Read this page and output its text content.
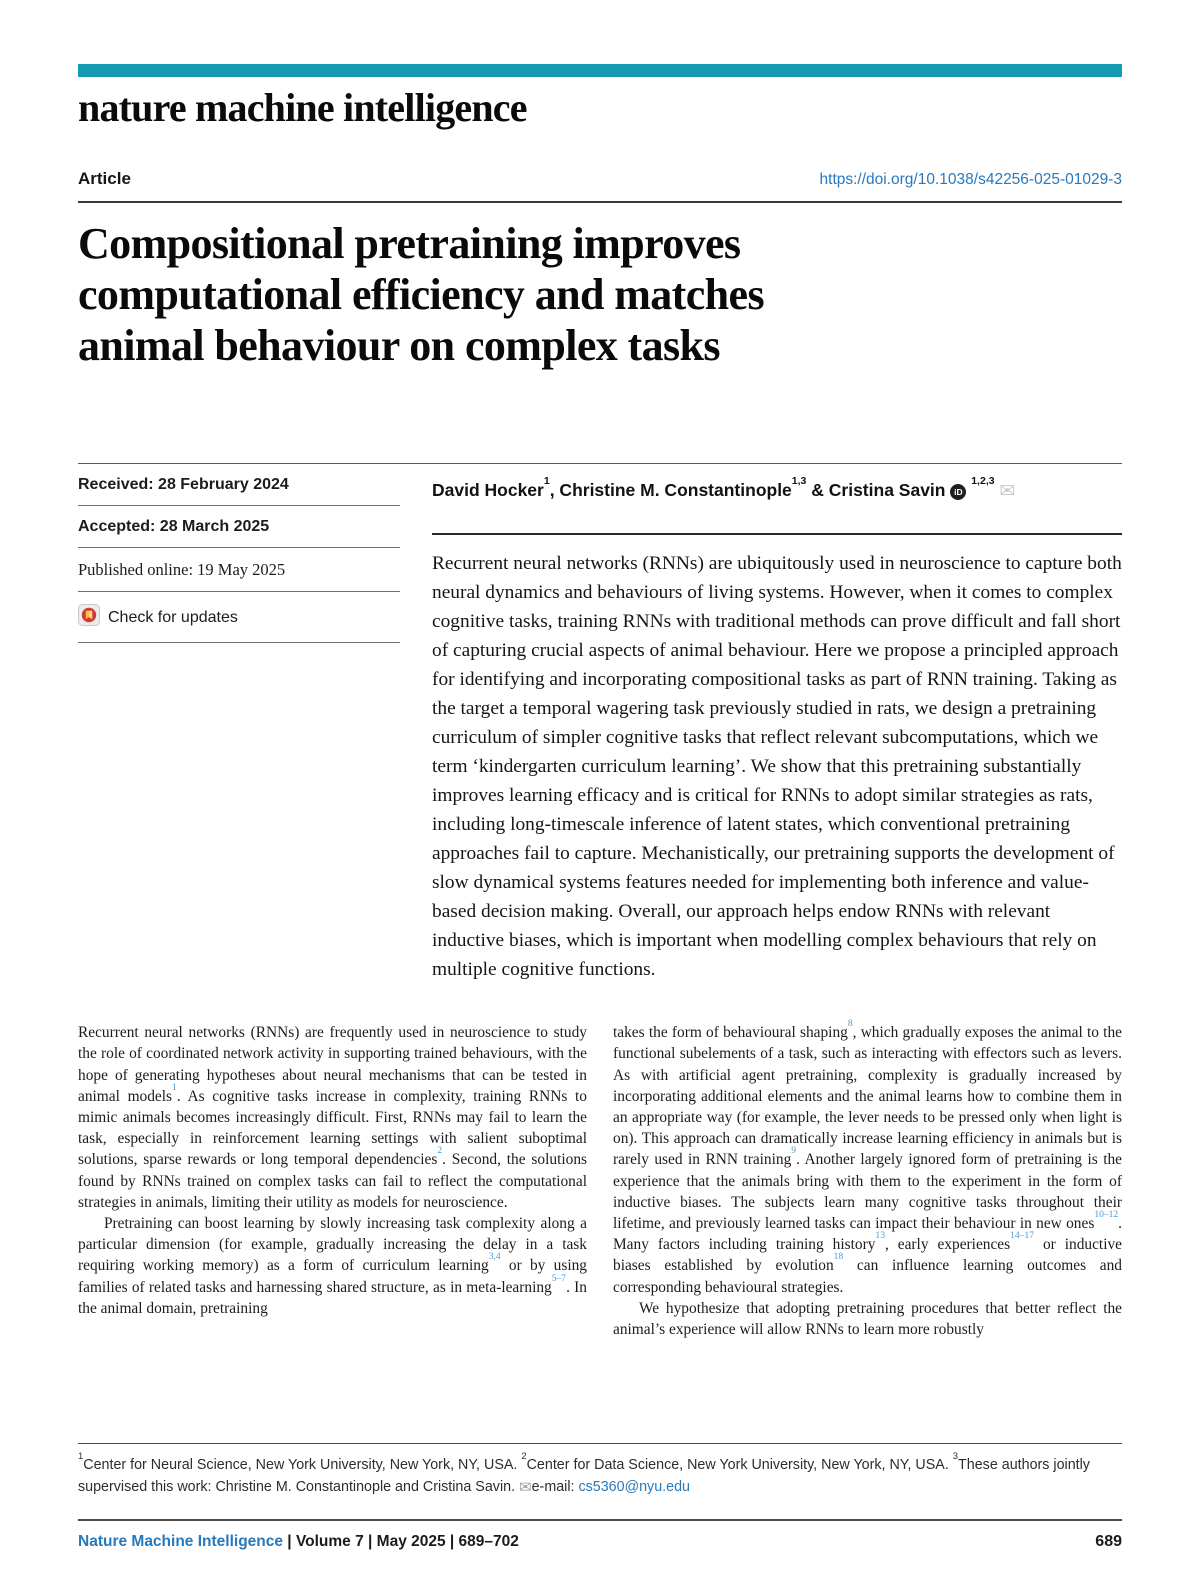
nature machine intelligence
Article	https://doi.org/10.1038/s42256-025-01029-3
Compositional pretraining improves
computational efficiency and matches
animal behaviour on complex tasks
Received: 28 February 2024
Accepted: 28 March 2025
Published online: 19 May 2025
Check for updates
David Hocker$^1$, Christine M. Constantinople$^{1,3}$ & Cristina Savin iD $^{1,2,3}$ ✉
Recurrent neural networks (RNNs) are ubiquitously used in neuroscience to capture both neural dynamics and behaviours of living systems. However, when it comes to complex cognitive tasks, training RNNs with traditional methods can prove difficult and fall short of capturing crucial aspects of animal behaviour. Here we propose a principled approach for identifying and incorporating compositional tasks as part of RNN training. Taking as the target a temporal wagering task previously studied in rats, we design a pretraining curriculum of simpler cognitive tasks that reflect relevant subcomputations, which we term ‘kindergarten curriculum learning’. We show that this pretraining substantially improves learning efficacy and is critical for RNNs to adopt similar strategies as rats, including long-timescale inference of latent states, which conventional pretraining approaches fail to capture. Mechanistically, our pretraining supports the development of slow dynamical systems features needed for implementing both inference and value-based decision making. Overall, our approach helps endow RNNs with relevant inductive biases, which is important when modelling complex behaviours that rely on multiple cognitive functions.

Recurrent neural networks (RNNs) are frequently used in neuroscience to study the role of coordinated network activity in supporting trained behaviours, with the hope of generating hypotheses about neural mechanisms that can be tested in animal models$^1$. As cognitive tasks increase in complexity, training RNNs to mimic animals becomes increasingly difficult. First, RNNs may fail to learn the task, especially in reinforcement learning settings with salient suboptimal solutions, sparse rewards or long temporal dependencies$^2$. Second, the solutions found by RNNs trained on complex tasks can fail to reflect the computational strategies in animals, limiting their utility as models for neuroscience.

Pretraining can boost learning by slowly increasing task complexity along a particular dimension (for example, gradually increasing the delay in a task requiring working memory) as a form of curriculum learning$^{3,4}$ or by using families of related tasks and harnessing shared structure, as in meta-learning$^{5-7}$. In the animal domain, pretraining

takes the form of behavioural shaping$^8$, which gradually exposes the animal to the functional subelements of a task, such as interacting with effectors such as levers. As with artificial agent pretraining, complexity is gradually increased by incorporating additional elements and the animal learns how to combine them in an appropriate way (for example, the lever needs to be pressed only when light is on). This approach can dramatically increase learning efficiency in animals but is rarely used in RNN training$^9$. Another largely ignored form of pretraining is the experience that the animals bring with them to the experiment in the form of inductive biases. The subjects learn many cognitive tasks throughout their lifetime, and previously learned tasks can impact their behaviour in new ones$^{10-12}$. Many factors including training history$^{13}$, early experiences$^{14-17}$ or inductive biases established by evolution$^{18}$ can influence learning outcomes and corresponding behavioural strategies.

We hypothesize that adopting pretraining procedures that better reflect the animal’s experience will allow RNNs to learn more robustly

$^1$Center for Neural Science, New York University, New York, NY, USA. $^2$Center for Data Science, New York University, New York, NY, USA. $^3$These authors jointly supervised this work: Christine M. Constantinople and Cristina Savin. ✉e-mail: cs5360@nyu.edu
Nature Machine Intelligence | Volume 7 | May 2025 | 689–702	689
